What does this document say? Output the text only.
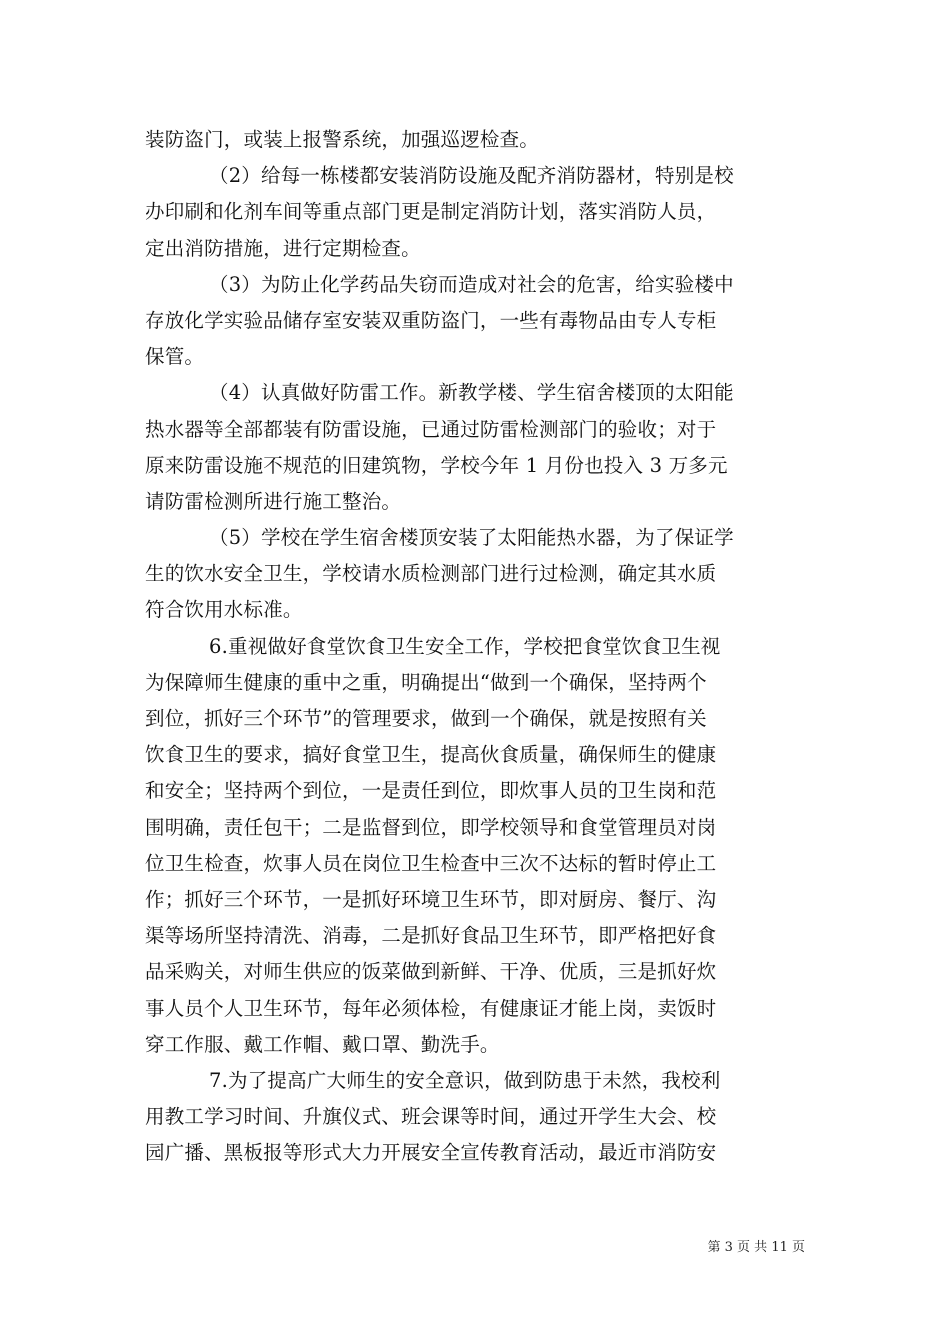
装防盗门，或装上报警系统，加强巡逻检查。
（2）给每一栋楼都安装消防设施及配齐消防器材，特别是校
办印刷和化剂车间等重点部门更是制定消防计划，落实消防人员，
定出消防措施，进行定期检查。
（3）为防止化学药品失窃而造成对社会的危害，给实验楼中
存放化学实验品储存室安装双重防盗门，一些有毒物品由专人专柜
保管。
（4）认真做好防雷工作。新教学楼、学生宿舍楼顶的太阳能
热水器等全部都装有防雷设施，已通过防雷检测部门的验收；对于
原来防雷设施不规范的旧建筑物，学校今年 1 月份也投入 3 万多元
请防雷检测所进行施工整治。
（5）学校在学生宿舍楼顶安装了太阳能热水器，为了保证学
生的饮水安全卫生，学校请水质检测部门进行过检测，确定其水质
符合饮用水标准。
6.重视做好食堂饮食卫生安全工作，学校把食堂饮食卫生视
为保障师生健康的重中之重，明确提出“做到一个确保，坚持两个
到位，抓好三个环节”的管理要求，做到一个确保，就是按照有关
饮食卫生的要求，搞好食堂卫生，提高伙食质量，确保师生的健康
和安全；坚持两个到位，一是责任到位，即炊事人员的卫生岗和范
围明确，责任包干；二是监督到位，即学校领导和食堂管理员对岗
位卫生检查，炊事人员在岗位卫生检查中三次不达标的暂时停止工
作；抓好三个环节，一是抓好环境卫生环节，即对厨房、餐厅、沟
渠等场所坚持清洗、消毒，二是抓好食品卫生环节，即严格把好食
品采购关，对师生供应的饭菜做到新鲜、干净、优质，三是抓好炊
事人员个人卫生环节，每年必须体检，有健康证才能上岗，卖饭时
穿工作服、戴工作帽、戴口罩、勤洗手。
7.为了提高广大师生的安全意识，做到防患于未然，我校利
用教工学习时间、升旗仪式、班会课等时间，通过开学生大会、校
园广播、黑板报等形式大力开展安全宣传教育活动，最近市消防安
第 3 页 共 11 页
